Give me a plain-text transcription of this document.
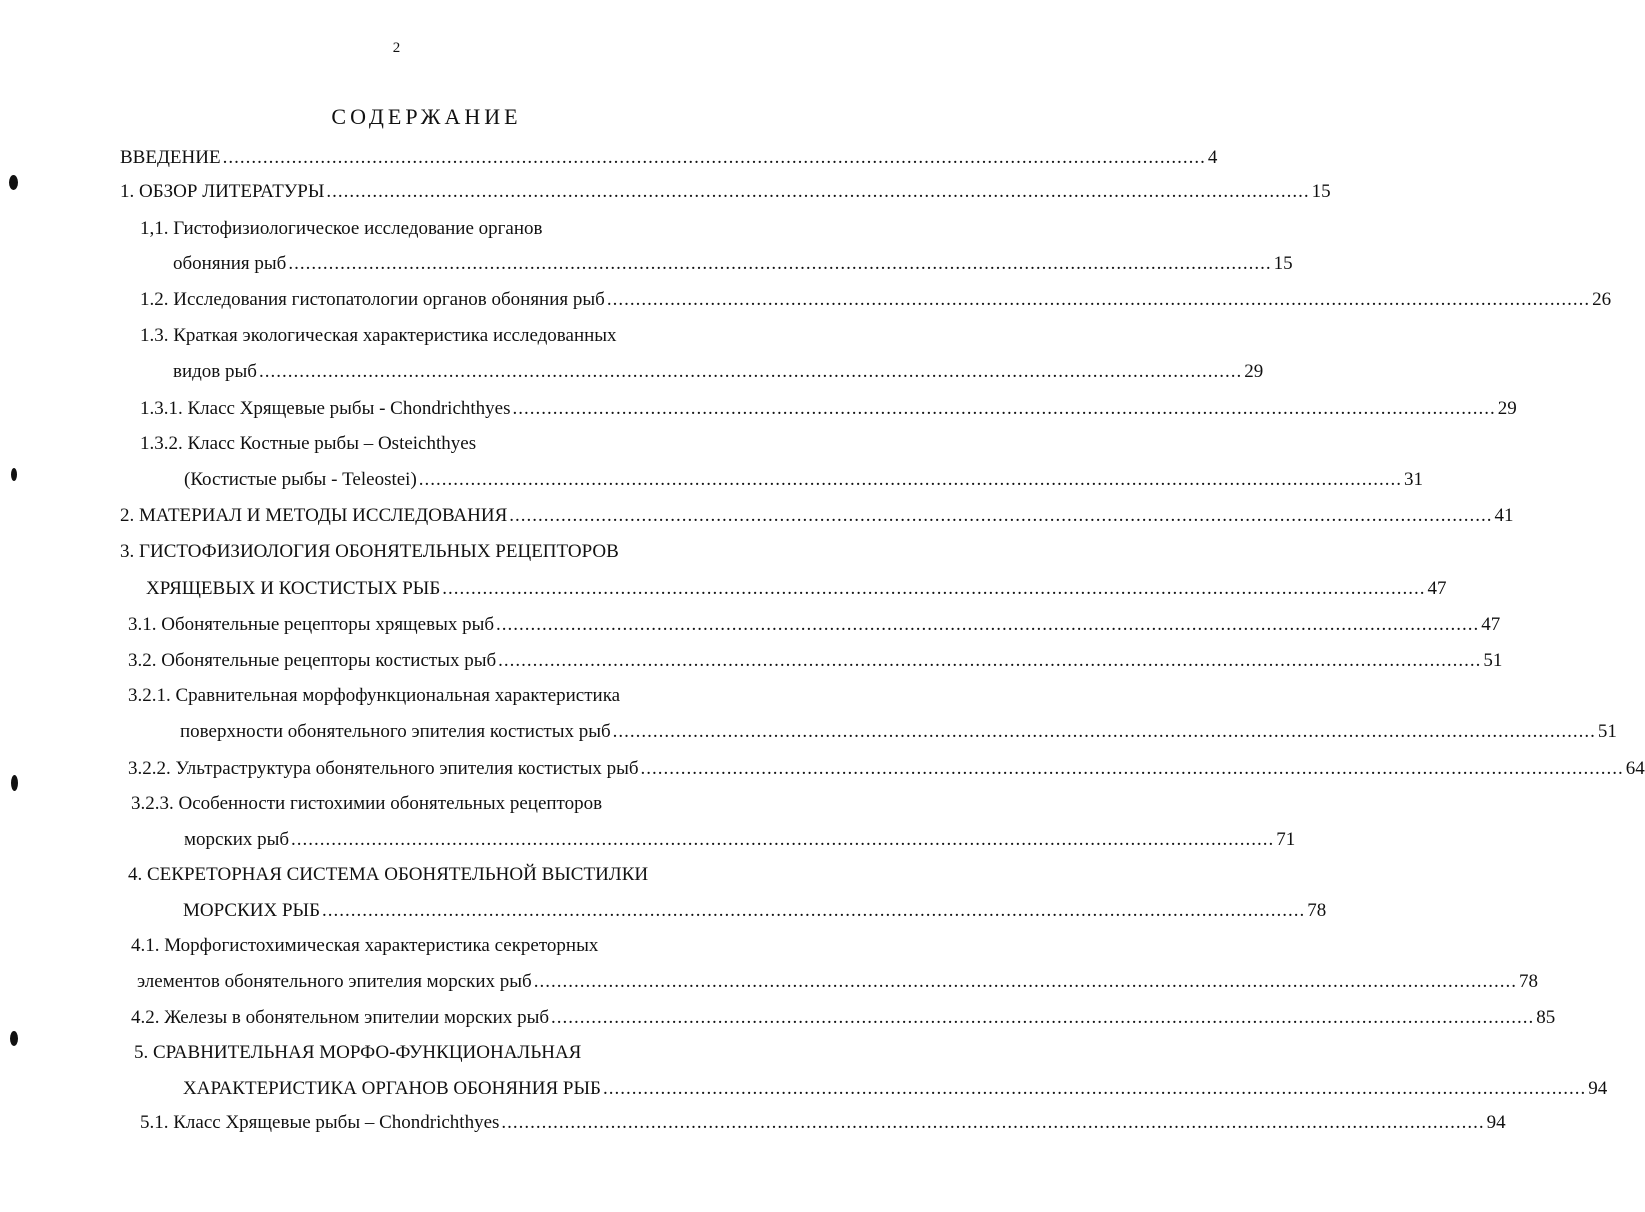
2
СОДЕРЖАНИЕ
ВВЕДЕНИЕ ........................................................................................................................................................................... 4
1. ОБЗОР ЛИТЕРАТУРЫ ........................................................................................................................................................................... 15
1,1. Гистофизиологическое исследование органов
обоняния рыб ........................................................................................................................................................................... 15
1.2. Исследования гистопатологии органов обоняния рыб ........................................................................................................................................................................... 26
1.3. Краткая экологическая характеристика исследованных
видов рыб ........................................................................................................................................................................... 29
1.3.1. Класс Хрящевые рыбы - Chondrichthyes ........................................................................................................................................................................... 29
1.3.2. Класс Костные рыбы – Osteichthyes
(Костистые рыбы - Teleostei) ........................................................................................................................................................................... 31
2. МАТЕРИАЛ И МЕТОДЫ ИССЛЕДОВАНИЯ ........................................................................................................................................................................... 41
3. ГИСТОФИЗИОЛОГИЯ ОБОНЯТЕЛЬНЫХ РЕЦЕПТОРОВ
ХРЯЩЕВЫХ И КОСТИСТЫХ РЫБ ........................................................................................................................................................................... 47
3.1. Обонятельные рецепторы хрящевых рыб ........................................................................................................................................................................... 47
3.2. Обонятельные рецепторы костистых рыб ........................................................................................................................................................................... 51
3.2.1. Сравнительная морфофункциональная характеристика
поверхности обонятельного эпителия костистых рыб ........................................................................................................................................................................... 51
3.2.2. Ультраструктура обонятельного эпителия костистых рыб ........................................................................................................................................................................... 64
3.2.3. Особенности гистохимии обонятельных рецепторов
морских рыб ........................................................................................................................................................................... 71
4. СЕКРЕТОРНАЯ СИСТЕМА ОБОНЯТЕЛЬНОЙ ВЫСТИЛКИ
МОРСКИХ РЫБ ........................................................................................................................................................................... 78
4.1. Морфогистохимическая характеристика секреторных
элементов обонятельного эпителия морских рыб ........................................................................................................................................................................... 78
4.2. Железы в обонятельном эпителии морских рыб ........................................................................................................................................................................... 85
5. СРАВНИТЕЛЬНАЯ МОРФО-ФУНКЦИОНАЛЬНАЯ
ХАРАКТЕРИСТИКА ОРГАНОВ ОБОНЯНИЯ РЫБ ........................................................................................................................................................................... 94
5.1. Класс Хрящевые рыбы – Chondrichthyes ........................................................................................................................................................................... 94
